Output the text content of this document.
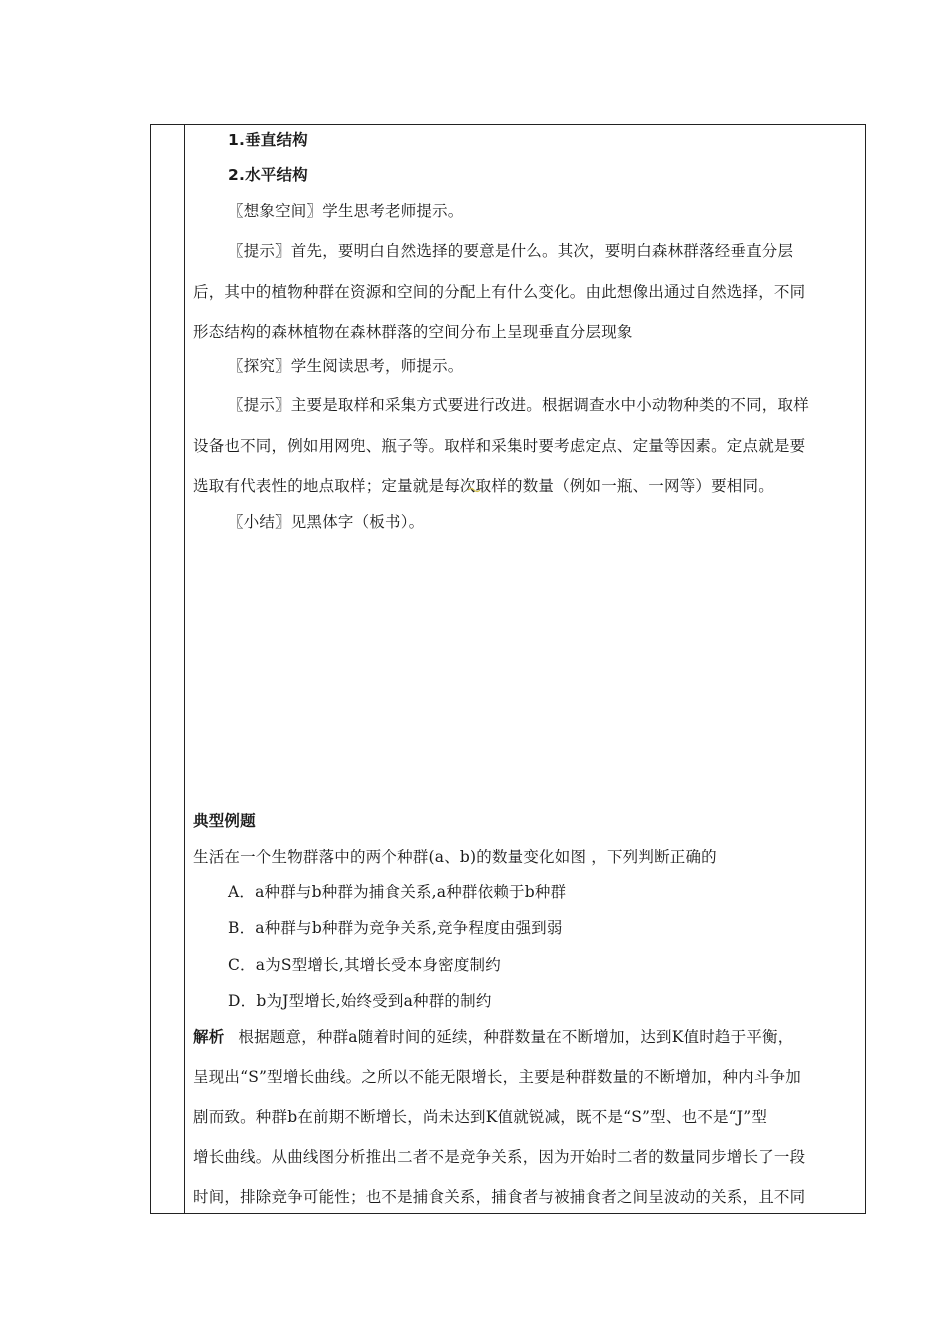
1.垂直结构

2.水平结构

〖想象空间〗学生思考老师提示。

〖提示〗首先，要明白自然选择的要意是什么。其次，要明白森林群落经垂直分层

后，其中的植物种群在资源和空间的分配上有什么变化。由此想像出通过自然选择，不同

形态结构的森林植物在森林群落的空间分布上呈现垂直分层现象

〖探究〗学生阅读思考，师提示。

〖提示〗主要是取样和采集方式要进行改进。根据调查水中小动物种类的不同，取样

设备也不同，例如用网兜、瓶子等。取样和采集时要考虑定点、定量等因素。定点就是要

选取有代表性的地点取样；定量就是每次取样的数量（例如一瓶、一网等）要相同。

〖小结〗见黑体字（板书）。

典型例题

生活在一个生物群落中的两个种群(a、b)的数量变化如图 ，下列判断正确的

A．a种群与b种群为捕食关系,a种群依赖于b种群

B．a种群与b种群为竞争关系,竞争程度由强到弱

C．a为S型增长,其增长受本身密度制约

D．b为J型增长,始终受到a种群的制约

解析 根据题意，种群a随着时间的延续，种群数量在不断增加，达到K值时趋于平衡，

呈现出“S”型增长曲线。之所以不能无限增长，主要是种群数量的不断增加，种内斗争加

剧而致。种群b在前期不断增长，尚未达到K值就锐减，既不是“S”型、也不是“J”型

增长曲线。从曲线图分析推出二者不是竞争关系，因为开始时二者的数量同步增长了一段

时间，排除竞争可能性；也不是捕食关系，捕食者与被捕食者之间呈波动的关系，且不同
